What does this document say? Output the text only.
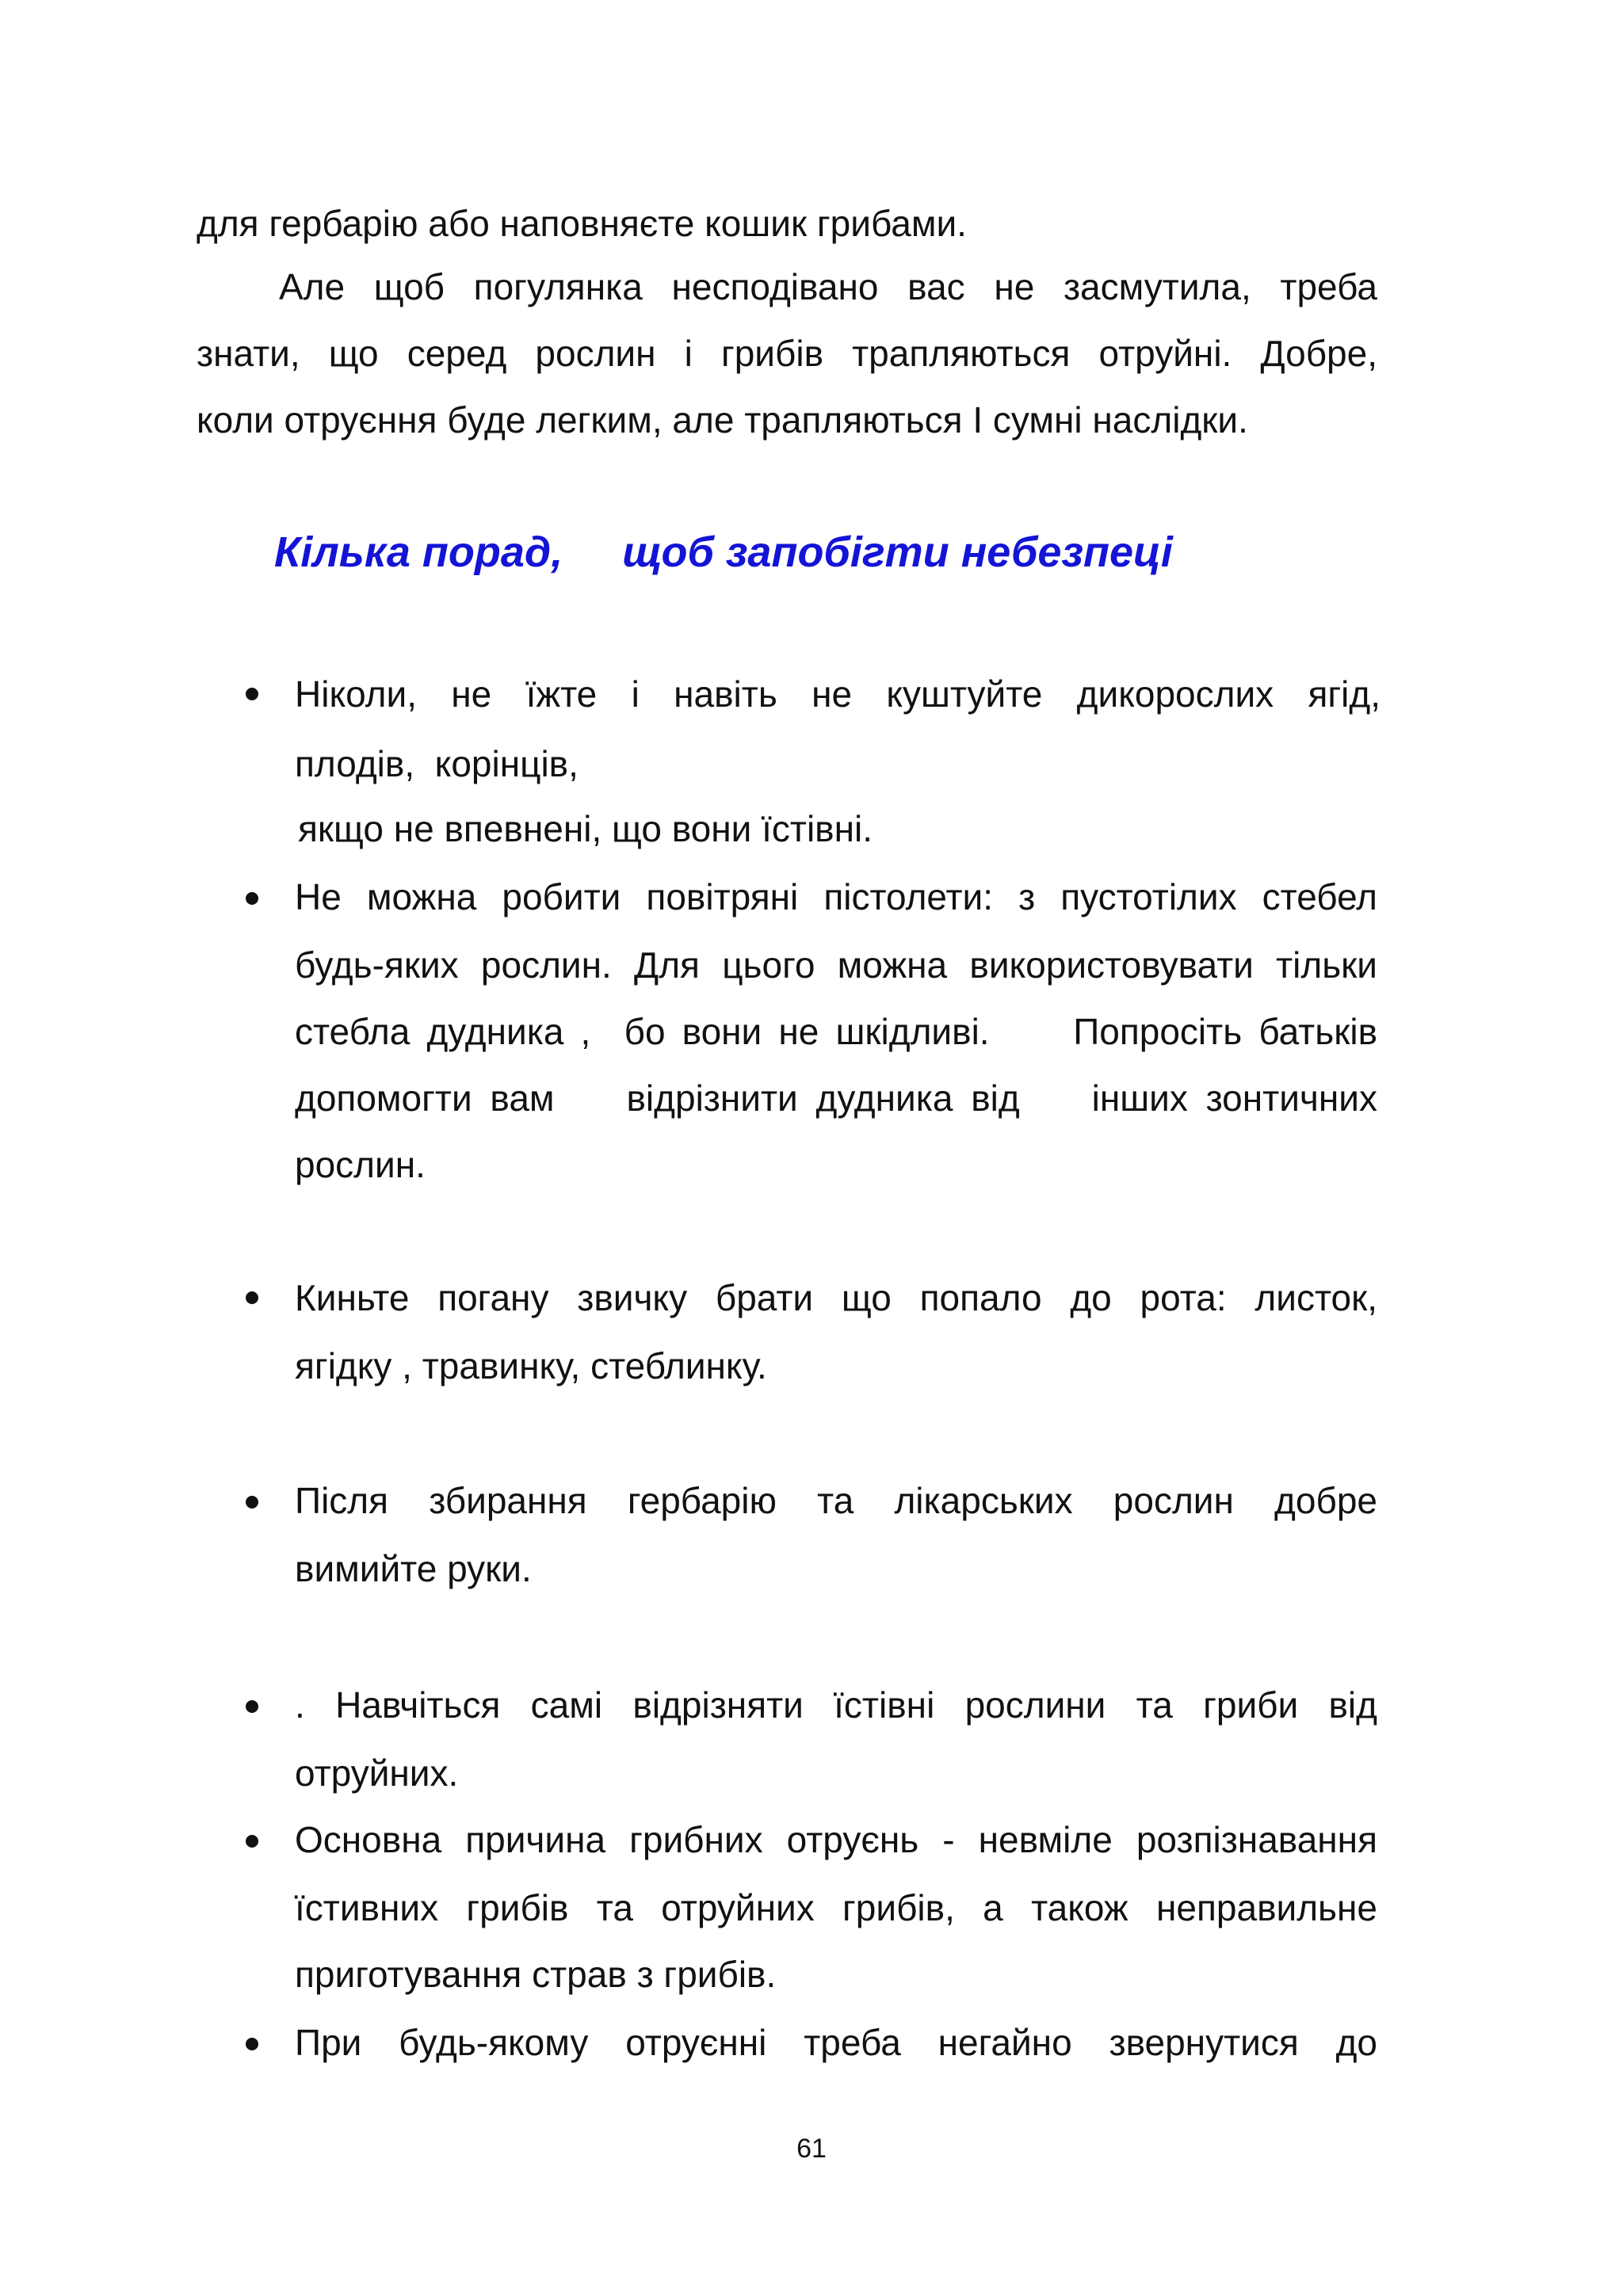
для гербарію або наповняєте кошик грибами.

Але щоб погулянка несподівано вас не засмутила, треба

знати, що серед рослин і грибів трапляються отруйні. Добре,

коли отруєння буде легким, але трапляються І сумні наслідки.

Кілька порад,     щоб запобігти небезпеці

Ніколи, не їжте і навіть не куштуйте дикорослих ягід,

плодів,  корінців,

якщо не впевнені, що вони їстівні.

Не можна робити повітряні пістолети: з пустотілих стебел

будь-яких рослин. Для цього можна використовувати тільки

стебла дудника ,  бо вони не шкідливі.     Попросіть батьків

допомогти вам    відрізнити дудника від    інших зонтичних

рослин.

Киньте погану звичку брати що попало до рота: листок,

ягідку , травинку, стеблинку.

Після збирання гербарію та лікарських рослин добре

вимийте руки.

. Навчіться самі відрізняти їстівні рослини та гриби від

отруйних.

Основна причина грибних отруєнь - невміле розпізнавання

їстивних грибів та отруйних грибів, а також неправильне

приготування страв з грибів.

При будь-якому отруєнні треба негайно звернутися до

61
